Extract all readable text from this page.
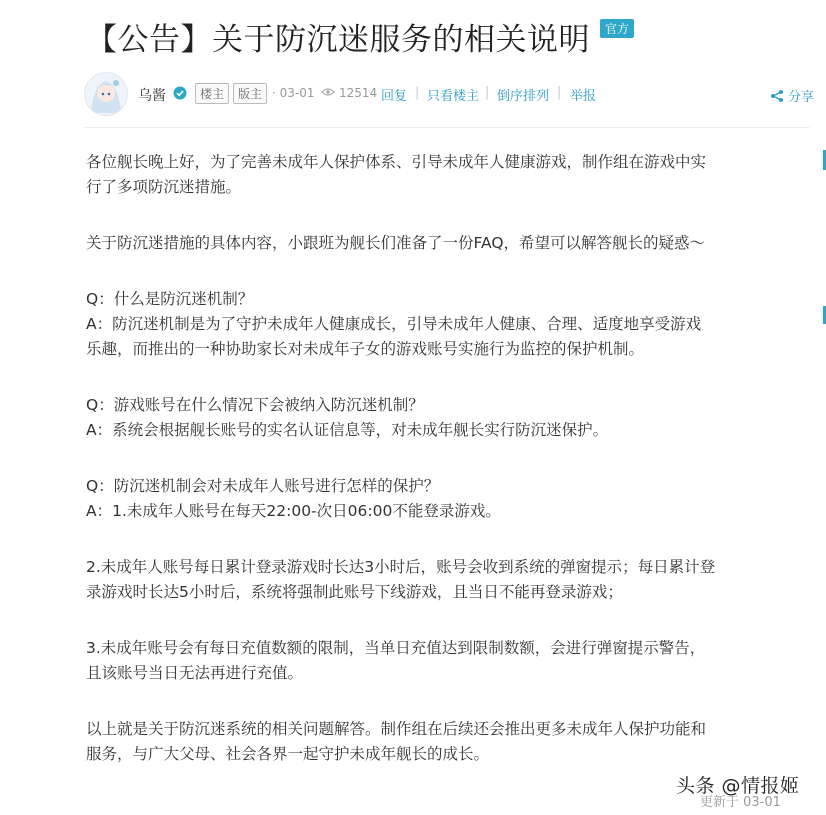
【公告】关于防沉迷服务的相关说明	官方
乌酱	楼主	版主 · 03-01 12514 回复 | 只看楼主 | 倒序排列 | 举报	分享

各位舰长晚上好，为了完善未成年人保护体系、引导未成年人健康游戏，制作组在游戏中实

行了多项防沉迷措施。

关于防沉迷措施的具体内容，小跟班为舰长们准备了一份FAQ，希望可以解答舰长的疑惑～

Q：什么是防沉迷机制？

A：防沉迷机制是为了守护未成年人健康成长，引导未成年人健康、合理、适度地享受游戏

乐趣，而推出的一种协助家长对未成年子女的游戏账号实施行为监控的保护机制。

Q：游戏账号在什么情况下会被纳入防沉迷机制？

A：系统会根据舰长账号的实名认证信息等，对未成年舰长实行防沉迷保护。

Q：防沉迷机制会对未成年人账号进行怎样的保护？

A：1.未成年人账号在每天22:00-次日06:00不能登录游戏。

2.未成年人账号每日累计登录游戏时长达3小时后，账号会收到系统的弹窗提示；每日累计登

录游戏时长达5小时后，系统将强制此账号下线游戏，且当日不能再登录游戏；

3.未成年账号会有每日充值数额的限制，当单日充值达到限制数额，会进行弹窗提示警告，

且该账号当日无法再进行充值。

以上就是关于防沉迷系统的相关问题解答。制作组在后续还会推出更多未成年人保护功能和

服务，与广大父母、社会各界一起守护未成年舰长的成长。

更新于 03-01
头条 @情报姬
